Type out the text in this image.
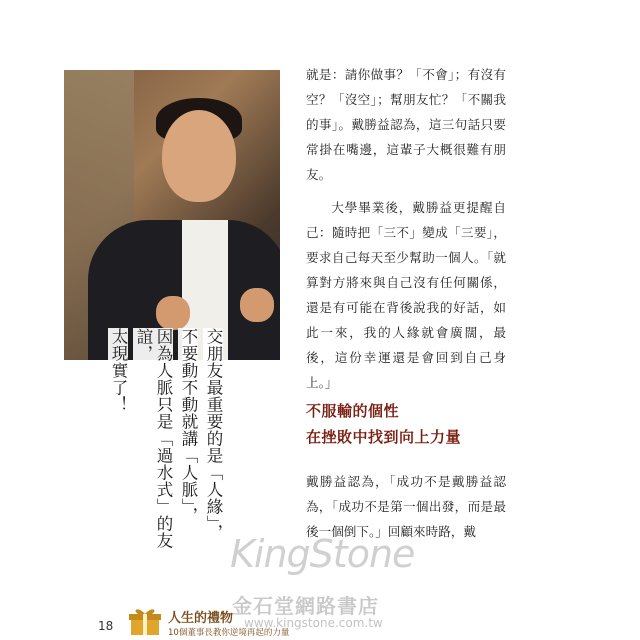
交朋友最重要的是「人緣」，
不要動不動就講「人脈」，
因為人脈只是「過水式」的友誼，
太現實了！

就是：請你做事？「不會」；有沒有空？「沒空」；幫朋友忙？「不關我的事」。戴勝益認為，這三句話只要常掛在嘴邊，這輩子大概很難有朋友。

大學畢業後，戴勝益更提醒自己：隨時把「三不」變成「三要」，要求自己每天至少幫助一個人。「就算對方將來與自己沒有任何關係，還是有可能在背後說我的好話，如此一來，我的人緣就會廣闊，最後，這份幸運還是會回到自己身上。」

不服輸的個性
在挫敗中找到向上力量

戴勝益認為，「成功不是戴勝益認為，「成功不是第一個出發，而是最後一個倒下。」回顧來時路，戴

KingStone
金石堂網路書店
www.kingstone.com.tw
18	人生的禮物
10個董事長教你逆境再起的力量
